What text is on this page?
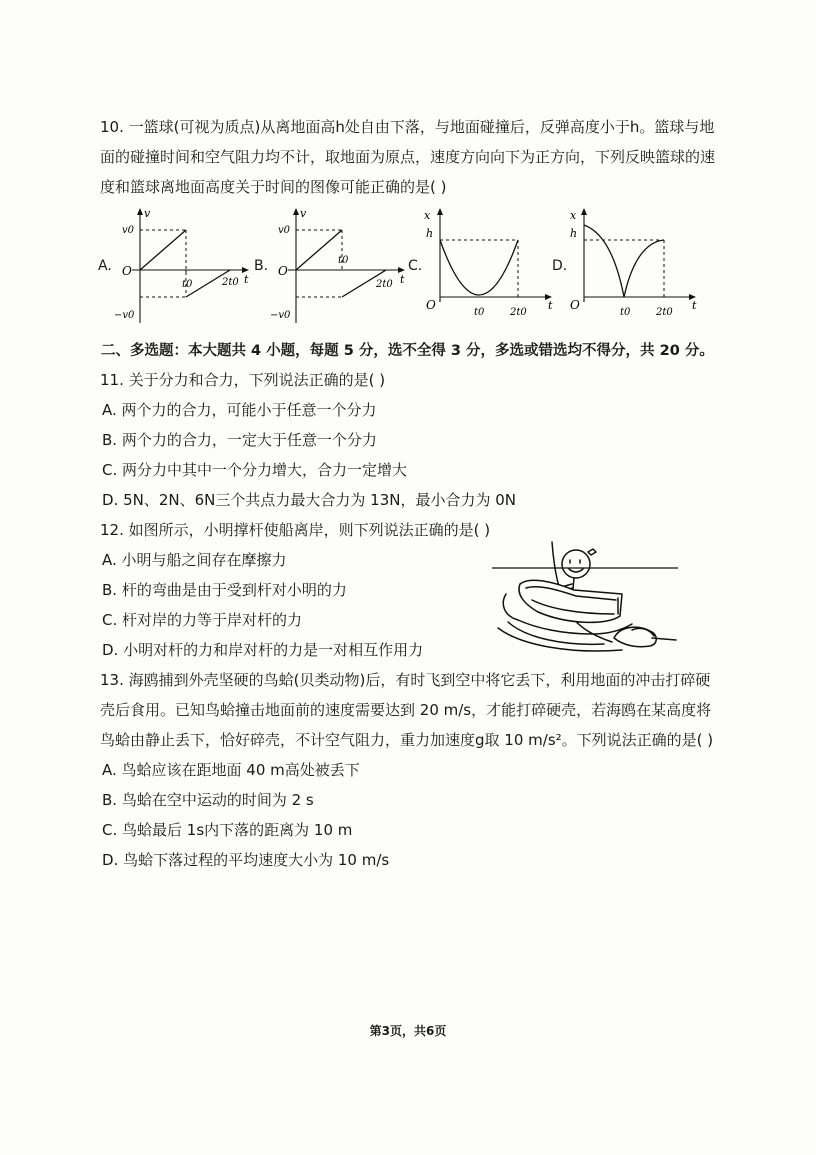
10. 一篮球(可视为质点)从离地面高h处自由下落，与地面碰撞后，反弹高度小于h。篮球与地
面的碰撞时间和空气阻力均不计，取地面为原点，速度方向向下为正方向，下列反映篮球的速
度和篮球离地面高度关于时间的图像可能正确的是( )
A.	B.	C.	D.
v
t
O
v0
−v0
t0	2t0
v
t
O
v0
−v0
t0
2t0
x
t
O
h
t0	2t0
x
t
O
h
t0	2t0
二、多选题：本大题共 4 小题，每题 5 分，选不全得 3 分，多选或错选均不得分，共 20 分。
11. 关于分力和合力，下列说法正确的是( )
A. 两个力的合力，可能小于任意一个分力
B. 两个力的合力，一定大于任意一个分力
C. 两分力中其中一个分力增大，合力一定增大
D. 5N、2N、6N三个共点力最大合力为 13N，最小合力为 0N
12. 如图所示，小明撑杆使船离岸，则下列说法正确的是( )
A. 小明与船之间存在摩擦力
B. 杆的弯曲是由于受到杆对小明的力
C. 杆对岸的力等于岸对杆的力
D. 小明对杆的力和岸对杆的力是一对相互作用力
13. 海鸥捕到外壳坚硬的鸟蛤(贝类动物)后，有时飞到空中将它丢下，利用地面的冲击打碎硬
壳后食用。已知鸟蛤撞击地面前的速度需要达到 20 m/s，才能打碎硬壳，若海鸥在某高度将
鸟蛤由静止丢下，恰好碎壳，不计空气阻力，重力加速度g取 10 m/s²。下列说法正确的是( )
A. 鸟蛤应该在距地面 40 m高处被丢下
B. 鸟蛤在空中运动的时间为 2 s
C. 鸟蛤最后 1s内下落的距离为 10 m
D. 鸟蛤下落过程的平均速度大小为 10 m/s
第3页，共6页
